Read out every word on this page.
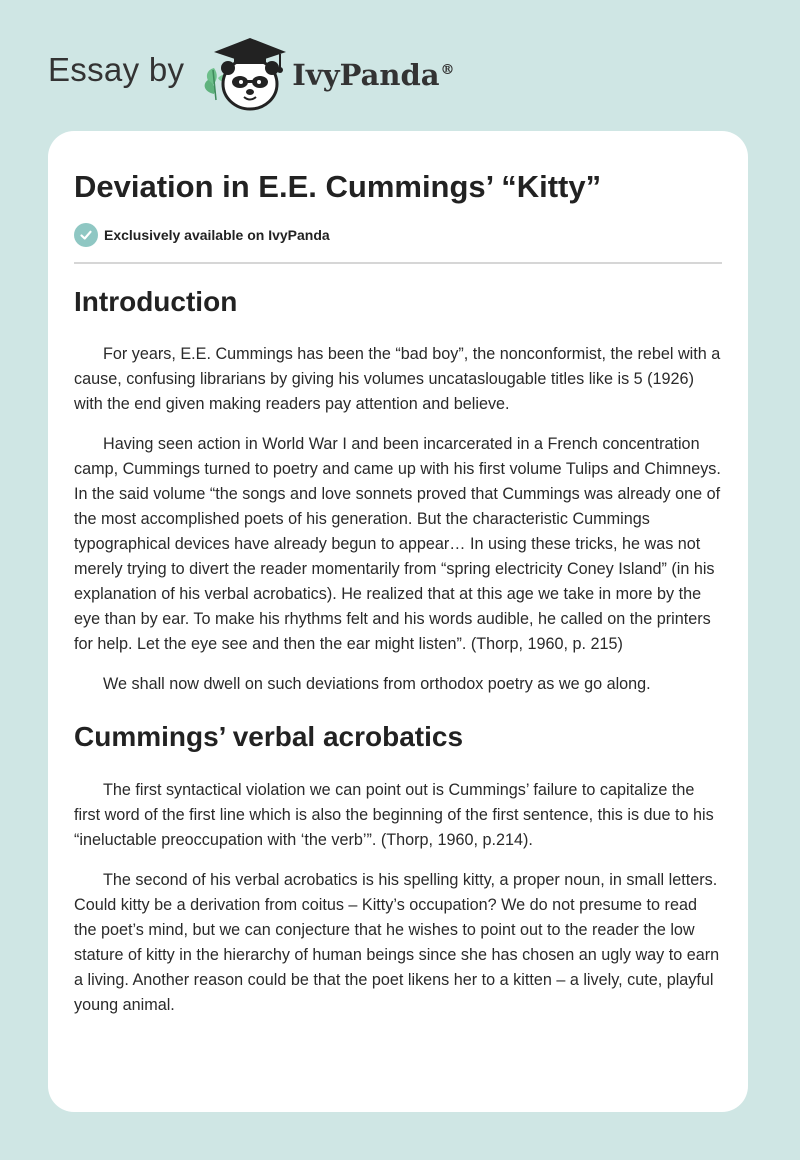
Essay by	IvyPanda®
Deviation in E.E. Cummings’ “Kitty”
Exclusively available on IvyPanda
Introduction

For years, E.E. Cummings has been the “bad boy”, the nonconformist, the rebel with a cause, confusing librarians by giving his volumes uncataslougable titles like is 5 (1926) with the end given making readers pay attention and believe.

Having seen action in World War I and been incarcerated in a French concentration camp, Cummings turned to poetry and came up with his first volume Tulips and Chimneys. In the said volume “the songs and love sonnets proved that Cummings was already one of the most accomplished poets of his generation. But the characteristic Cummings typographical devices have already begun to appear… In using these tricks, he was not merely trying to divert the reader momentarily from “spring electricity Coney Island” (in his explanation of his verbal acrobatics). He realized that at this age we take in more by the eye than by ear. To make his rhythms felt and his words audible, he called on the printers for help. Let the eye see and then the ear might listen”. (Thorp, 1960, p. 215)

We shall now dwell on such deviations from orthodox poetry as we go along.

Cummings’ verbal acrobatics

The first syntactical violation we can point out is Cummings’ failure to capitalize the first word of the first line which is also the beginning of the first sentence, this is due to his “ineluctable preoccupation with ‘the verb’”. (Thorp, 1960, p.214).

The second of his verbal acrobatics is his spelling kitty, a proper noun, in small letters. Could kitty be a derivation from coitus – Kitty’s occupation? We do not presume to read the poet’s mind, but we can conjecture that he wishes to point out to the reader the low stature of kitty in the hierarchy of human beings since she has chosen an ugly way to earn a living. Another reason could be that the poet likens her to a kitten – a lively, cute, playful young animal.
